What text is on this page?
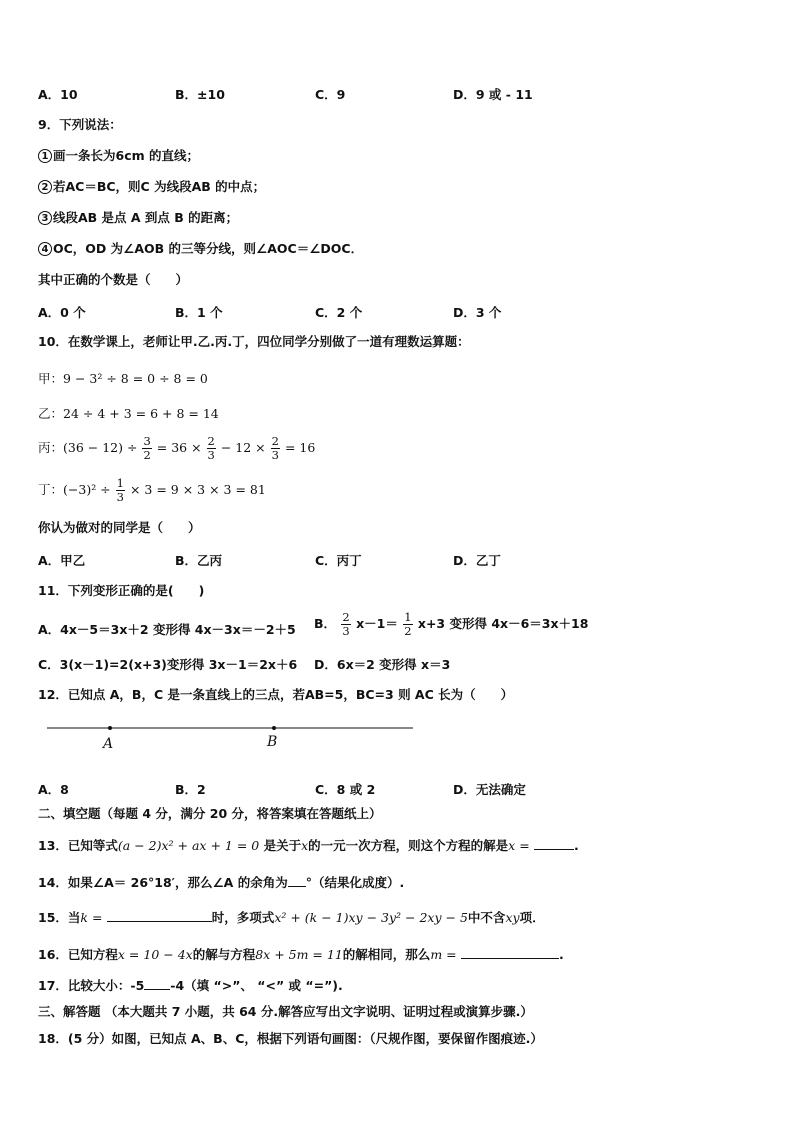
A．10	B．±10	C．9	D．9 或 - 11
9．下列说法：
1 画一条长为6cm 的直线；
2 若AC＝BC，则C 为线段AB 的中点；
3 线段AB 是点 A 到点 B 的距离；
4 OC，OD 为∠AOB 的三等分线，则∠AOC＝∠DOC．
其中正确的个数是（　　）
A．0 个	B．1 个	C．2 个	D．3 个
10．在数学课上，老师让甲.乙.丙.丁，四位同学分别做了一道有理数运算题：
甲：9 − 3² ÷ 8 = 0 ÷ 8 = 0
乙：24 ÷ 4 + 3 = 6 + 8 = 14
丙：$(36 - 12) \div \frac{3}{2} = 36 \times \frac{2}{3} - 12 \times \frac{2}{3} = 16$
丁：$(-3)^2 \div \frac{1}{3} \times 3 = 9 \times 3 \times 3 = 81$
你认为做对的同学是（　　）
A．甲乙	B．乙丙	C．丙丁	D．乙丁
11．下列变形正确的是(　　)
A．4x－5＝3x＋2 变形得 4x－3x＝－2＋5 B． $\frac{2}{3} x-1= \frac{1}{2} x+3$ 变形得 4x－6＝3x＋18
C．3(x－1)=2(x+3)变形得 3x－1＝2x＋6 D．6x＝2 变形得 x＝3
12．已知点 A，B，C 是一条直线上的三点，若AB=5，BC=3 则 AC 长为（　　）
A	B
A．8	B．2	C．8 或 2	D．无法确定
二、填空题（每题 4 分，满分 20 分，将答案填在答题纸上）
13．已知等式(a − 2)x² + ax + 1 = 0 是关于x的一元一次方程，则这个方程的解是x =	.
14．如果∠A＝ 26°18′，那么∠A 的余角为 °（结果化成度）.
15．当k =	时，多项式x² + (k − 1)xy − 3y² − 2xy − 5中不含xy项．
16．已知方程x = 10 − 4x的解与方程8x + 5m = 11的解相同，那么m =	.
17．比较大小：-5 -4（填 “>”、 “<” 或 “=”).
三、解答题 （本大题共 7 小题，共 64 分.解答应写出文字说明、证明过程或演算步骤.）
18．(5 分）如图，已知点 A、B、C，根据下列语句画图：（尺规作图，要保留作图痕迹.）
